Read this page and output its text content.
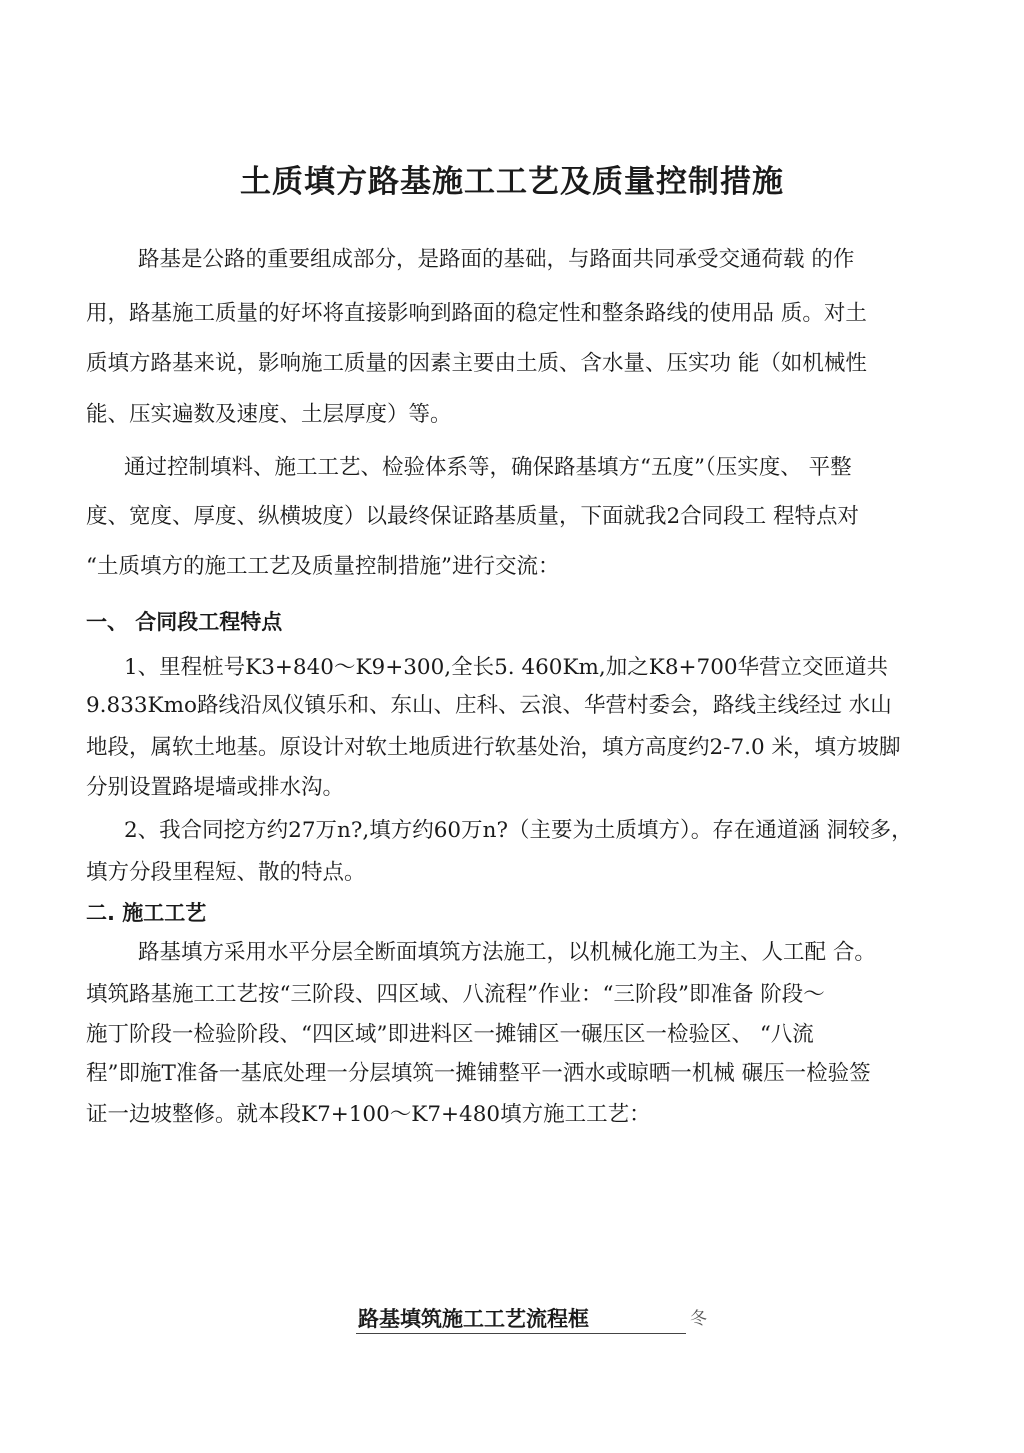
土质填方路基施工工艺及质量控制措施
路基是公路的重要组成部分，是路面的基础，与路面共同承受交通荷载 的作
用，路基施工质量的好坏将直接影响到路面的稳定性和整条路线的使用品 质。对土
质填方路基来说，影响施工质量的因素主要由土质、含水量、压实功 能（如机械性
能、压实遍数及速度、土层厚度）等。
通过控制填料、施工工艺、检验体系等，确保路基填方“五度”（压实度、 平整
度、宽度、厚度、纵横坡度）以最终保证路基质量，下面就我2合同段工 程特点对
“土质填方的施工工艺及质量控制措施”进行交流：
一、 合同段工程特点
1、里程桩号K3+840～K9+300,全长5. 460Km,加之K8+700华营立交匝道共
9.833Kmo路线沿凤仪镇乐和、东山、庄科、云浪、华营村委会，路线主线经过 水山
地段，属软土地基。原设计对软土地质进行软基处治，填方高度约2-7.0 米，填方坡脚
分别设置路堤墙或排水沟。
2、我合同挖方约27万n?,填方约60万n?（主要为土质填方）。存在通道涵 洞较多，
填方分段里程短、散的特点。
二. 施工工艺
路基填方采用水平分层全断面填筑方法施工，以机械化施工为主、人工配 合。
填筑路基施工工艺按“三阶段、四区域、八流程”作业：“三阶段”即准备 阶段～
施丁阶段一检验阶段、“四区域”即进料区一摊铺区一碾压区一检验区、 “八流
程”即施T准备一基底处理一分层填筑一摊铺整平一洒水或晾晒一机械 碾压一检验签
证一边坡整修。就本段K7+100～K7+480填方施工工艺：
路基填筑施工工艺流程框	冬
